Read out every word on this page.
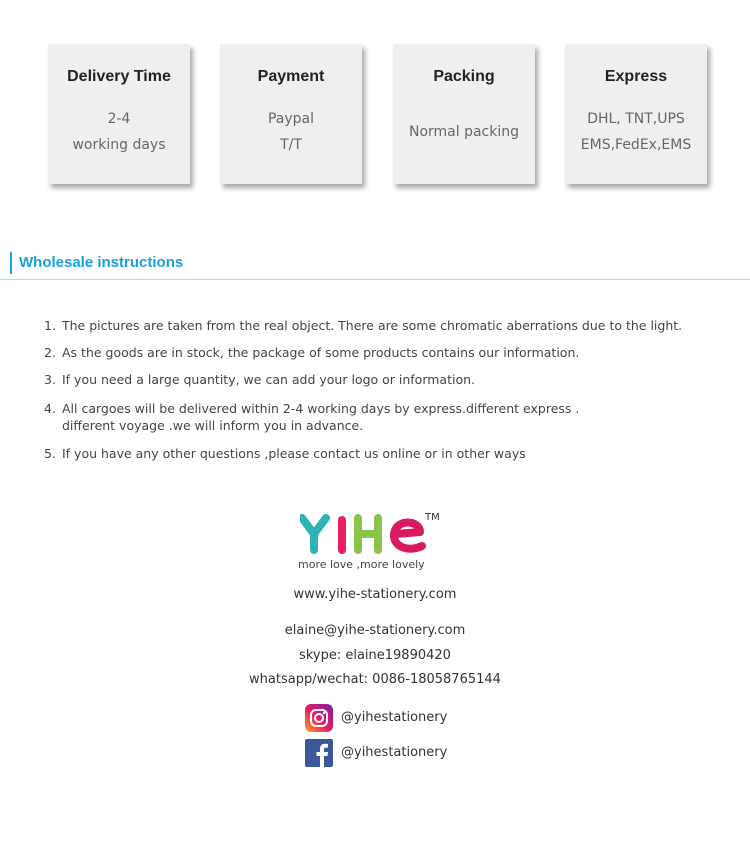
Delivery Time
2-4
working days
Payment
Paypal
T/T
Packing
Normal packing
Express
DHL, TNT,UPS
EMS,FedEx,EMS
Wholesale instructions
1. The pictures are taken from the real object. There are some chromatic aberrations due to the light.
2. As the goods are in stock, the package of some products contains our information.
3. If you need a large quantity, we can add your logo or information.
4. All cargoes will be delivered within 2-4 working days by express.different express .
different voyage .we will inform you in advance.
5. If you have any other questions ,please contact us online or in other ways
TM
more love ,more lovely
www.yihe-stationery.com
elaine@yihe-stationery.com
skype: elaine19890420
whatsapp/wechat: 0086-18058765144
@yihestationery
@yihestationery
